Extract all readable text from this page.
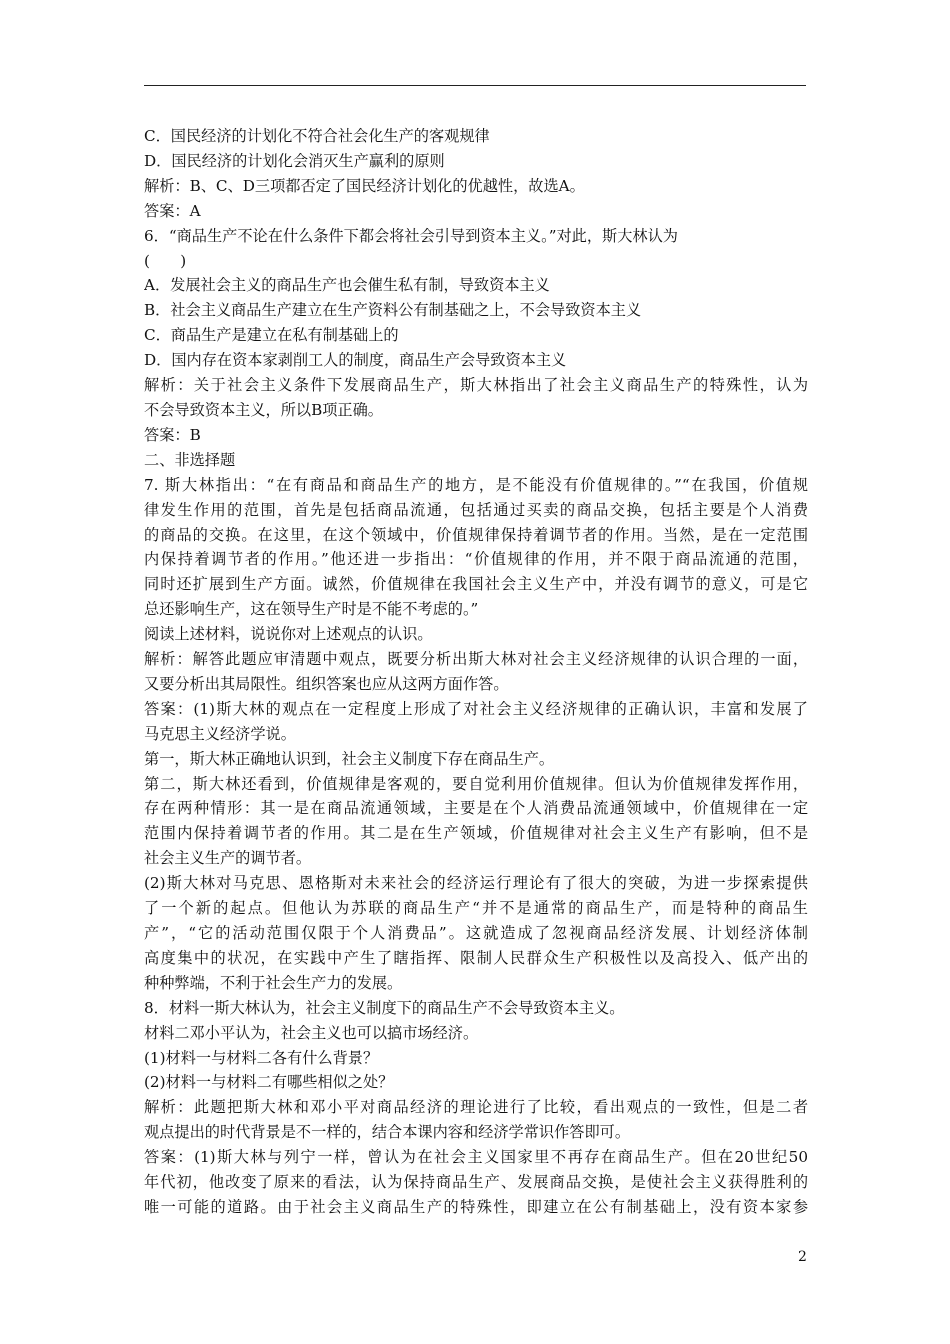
C．国民经济的计划化不符合社会化生产的客观规律
D．国民经济的计划化会消灭生产赢利的原则
解析：B、C、D三项都否定了国民经济计划化的优越性，故选A。
答案：A
6．“商品生产不论在什么条件下都会将社会引导到资本主义。”对此，斯大林认为
(　　)
A．发展社会主义的商品生产也会催生私有制，导致资本主义
B．社会主义商品生产建立在生产资料公有制基础之上，不会导致资本主义
C．商品生产是建立在私有制基础上的
D．国内存在资本家剥削工人的制度，商品生产会导致资本主义
解析：关于社会主义条件下发展商品生产，斯大林指出了社会主义商品生产的特殊性，认为
不会导致资本主义，所以B项正确。
答案：B
二、非选择题
7. 斯大林指出：“在有商品和商品生产的地方，是不能没有价值规律的。”“在我国，价值规
律发生作用的范围，首先是包括商品流通，包括通过买卖的商品交换，包括主要是个人消费
的商品的交换。在这里，在这个领域中，价值规律保持着调节者的作用。当然，是在一定范围
内保持着调节者的作用。”他还进一步指出：“价值规律的作用，并不限于商品流通的范围，
同时还扩展到生产方面。诚然，价值规律在我国社会主义生产中，并没有调节的意义，可是它
总还影响生产，这在领导生产时是不能不考虑的。”
阅读上述材料，说说你对上述观点的认识。
解析：解答此题应审清题中观点，既要分析出斯大林对社会主义经济规律的认识合理的一面，
又要分析出其局限性。组织答案也应从这两方面作答。
答案：(1)斯大林的观点在一定程度上形成了对社会主义经济规律的正确认识，丰富和发展了
马克思主义经济学说。
第一，斯大林正确地认识到，社会主义制度下存在商品生产。
第二，斯大林还看到，价值规律是客观的，要自觉利用价值规律。但认为价值规律发挥作用，
存在两种情形：其一是在商品流通领域，主要是在个人消费品流通领域中，价值规律在一定
范围内保持着调节者的作用。其二是在生产领域，价值规律对社会主义生产有影响，但不是
社会主义生产的调节者。
(2)斯大林对马克思、恩格斯对未来社会的经济运行理论有了很大的突破，为进一步探索提供
了一个新的起点。但他认为苏联的商品生产“并不是通常的商品生产，而是特种的商品生
产”，“它的活动范围仅限于个人消费品”。这就造成了忽视商品经济发展、计划经济体制
高度集中的状况，在实践中产生了瞎指挥、限制人民群众生产积极性以及高投入、低产出的
种种弊端，不利于社会生产力的发展。
8．材料一斯大林认为，社会主义制度下的商品生产不会导致资本主义。
材料二邓小平认为，社会主义也可以搞市场经济。
(1)材料一与材料二各有什么背景？
(2)材料一与材料二有哪些相似之处？
解析：此题把斯大林和邓小平对商品经济的理论进行了比较，看出观点的一致性，但是二者
观点提出的时代背景是不一样的，结合本课内容和经济学常识作答即可。
答案：(1)斯大林与列宁一样，曾认为在社会主义国家里不再存在商品生产。但在20世纪50
年代初，他改变了原来的看法，认为保持商品生产、发展商品交换，是使社会主义获得胜利的
唯一可能的道路。由于社会主义商品生产的特殊性，即建立在公有制基础上，没有资本家参
2
